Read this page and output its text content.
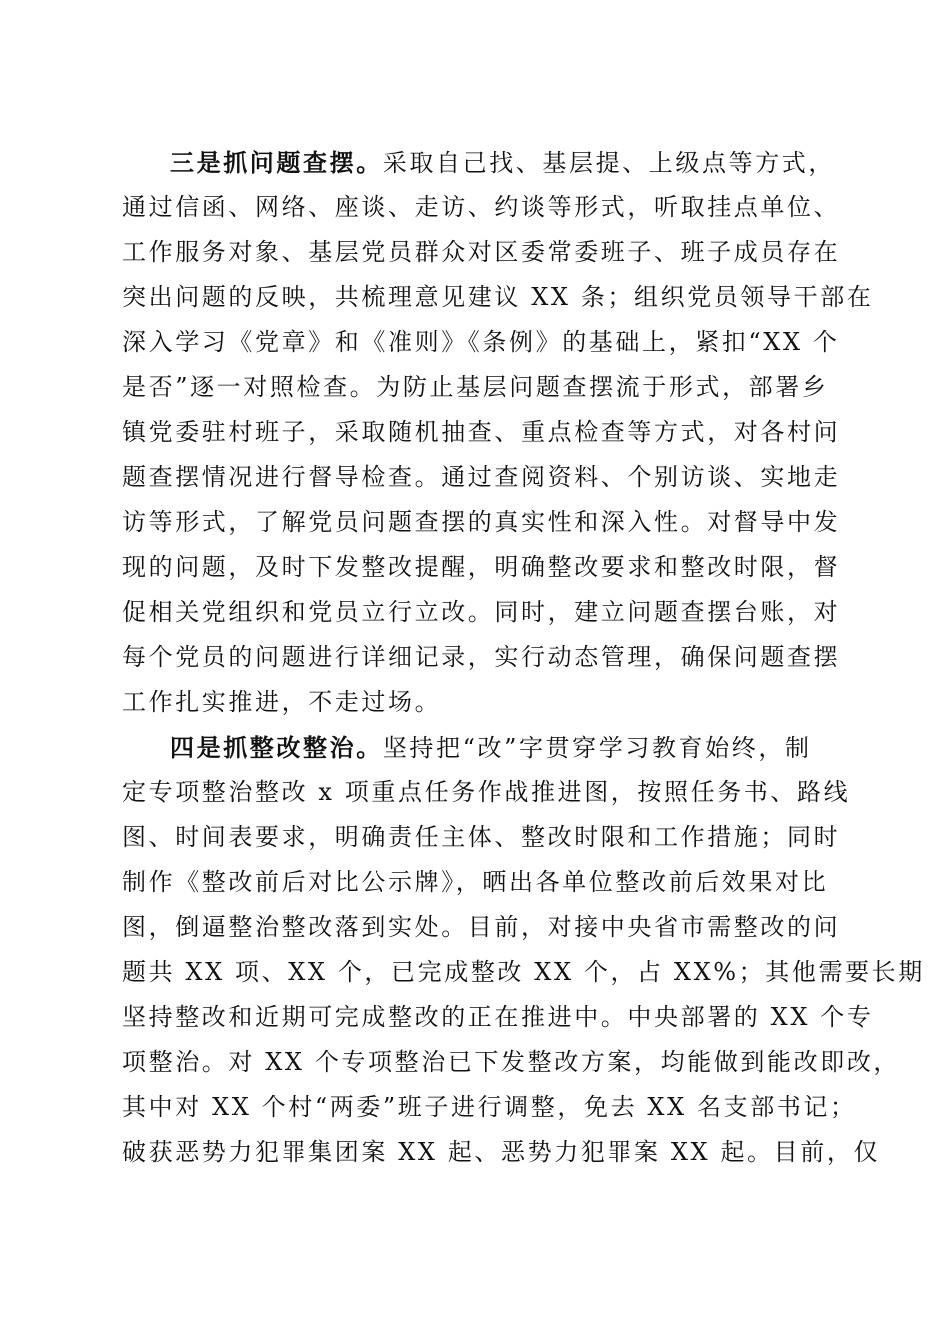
三是抓问题查摆。采取自己找、基层提、上级点等方式，
通过信函、网络、座谈、走访、约谈等形式，听取挂点单位、
工作服务对象、基层党员群众对区委常委班子、班子成员存在
突出问题的反映，共梳理意见建议 XX 条；组织党员领导干部在
深入学习《党章》和《准则》《条例》的基础上，紧扣“XX 个
是否”逐一对照检查。为防止基层问题查摆流于形式，部署乡
镇党委驻村班子，采取随机抽查、重点检查等方式，对各村问
题查摆情况进行督导检查。通过查阅资料、个别访谈、实地走
访等形式，了解党员问题查摆的真实性和深入性。对督导中发
现的问题，及时下发整改提醒，明确整改要求和整改时限，督
促相关党组织和党员立行立改。同时，建立问题查摆台账，对
每个党员的问题进行详细记录，实行动态管理，确保问题查摆
工作扎实推进，不走过场。
四是抓整改整治。坚持把“改”字贯穿学习教育始终，制
定专项整治整改 x 项重点任务作战推进图，按照任务书、路线
图、时间表要求，明确责任主体、整改时限和工作措施；同时
制作《整改前后对比公示牌》，晒出各单位整改前后效果对比
图，倒逼整治整改落到实处。目前，对接中央省市需整改的问
题共 XX 项、XX 个，已完成整改 XX 个，占 XX%；其他需要长期
坚持整改和近期可完成整改的正在推进中。中央部署的 XX 个专
项整治。对 XX 个专项整治已下发整改方案，均能做到能改即改，
其中对 XX 个村“两委”班子进行调整，免去 XX 名支部书记；
破获恶势力犯罪集团案 XX 起、恶势力犯罪案 XX 起。目前，仅
